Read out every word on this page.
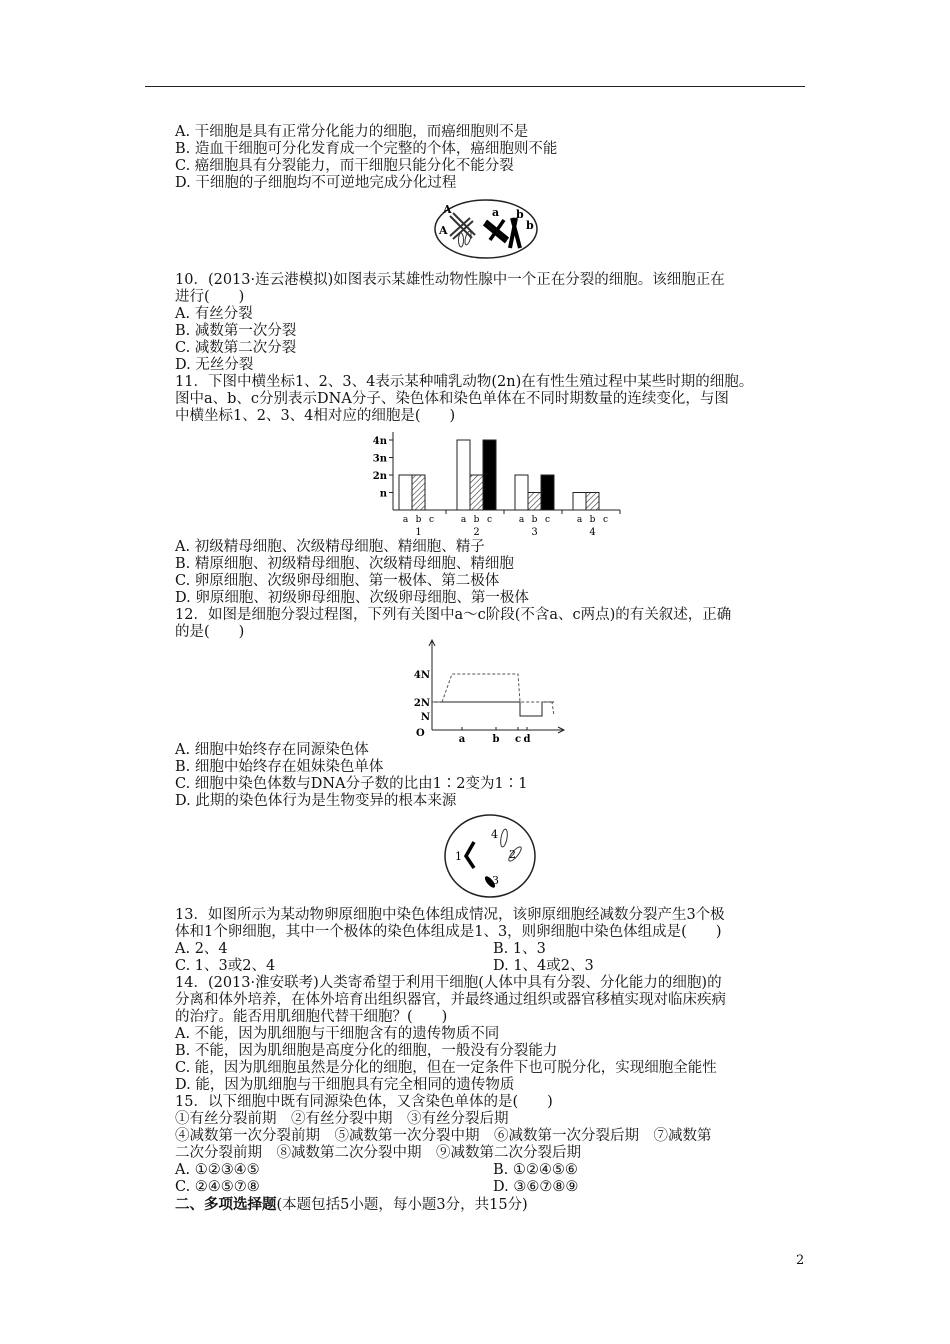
A. 干细胞是具有正常分化能力的细胞，而癌细胞则不是

B. 造血干细胞可分化发育成一个完整的个体，癌细胞则不能

C. 癌细胞具有分裂能力，而干细胞只能分化不能分裂

D. 干细胞的子细胞均不可逆地完成分化过程

A
A
a b
b

10．(2013·连云港模拟)如图表示某雄性动物性腺中一个正在分裂的细胞。该细胞正在

进行(　　)

A. 有丝分裂

B. 减数第一次分裂

C. 减数第二次分裂

D. 无丝分裂

11．下图中横坐标1、2、3、4表示某种哺乳动物(2n)在有性生殖过程中某些时期的细胞。

图中a、b、c分别表示DNA分子、染色体和染色单体在不同时期数量的连续变化，与图

中横坐标1、2、3、4相对应的细胞是(　　)

4n
3n
2n
n
a b c
1
a b c
2
a b c
3
a b c
4

A. 初级精母细胞、次级精母细胞、精细胞、精子

B. 精原细胞、初级精母细胞、次级精母细胞、精细胞

C. 卵原细胞、次级卵母细胞、第一极体、第二极体

D. 卵原细胞、初级卵母细胞、次级卵母细胞、第一极体

12．如图是细胞分裂过程图，下列有关图中a～c阶段(不含a、c两点)的有关叙述，正确

的是(　　)

4N
2N
N
O
a	b c d

A. 细胞中始终存在同源染色体

B. 细胞中始终存在姐妹染色单体

C. 细胞中染色体数与DNA分子数的比由1∶2变为1∶1

D. 此期的染色体行为是生物变异的根本来源

1	2
3
4

13．如图所示为某动物卵原细胞中染色体组成情况，该卵原细胞经减数分裂产生3个极

体和1个卵细胞，其中一个极体的染色体组成是1、3，则卵细胞中染色体组成是(　　)

A. 2、4	B. 1、3
C. 1、3或2、4	D. 1、4或2、3

14．(2013·淮安联考)人类寄希望于利用干细胞(人体中具有分裂、分化能力的细胞)的

分离和体外培养，在体外培育出组织器官，并最终通过组织或器官移植实现对临床疾病

的治疗。能否用肌细胞代替干细胞？(　　)

A. 不能，因为肌细胞与干细胞含有的遗传物质不同

B. 不能，因为肌细胞是高度分化的细胞，一般没有分裂能力

C. 能，因为肌细胞虽然是分化的细胞，但在一定条件下也可脱分化，实现细胞全能性

D. 能，因为肌细胞与干细胞具有完全相同的遗传物质

15．以下细胞中既有同源染色体，又含染色单体的是(　　)

①有丝分裂前期　②有丝分裂中期　③有丝分裂后期

④减数第一次分裂前期　⑤减数第一次分裂中期　⑥减数第一次分裂后期　⑦减数第

二次分裂前期　⑧减数第二次分裂中期　⑨减数第二次分裂后期

A. ①②③④⑤	B. ①②④⑤⑥
C. ②④⑤⑦⑧	D. ③⑥⑦⑧⑨

二、多项选择题(本题包括5小题，每小题3分，共15分)

2
